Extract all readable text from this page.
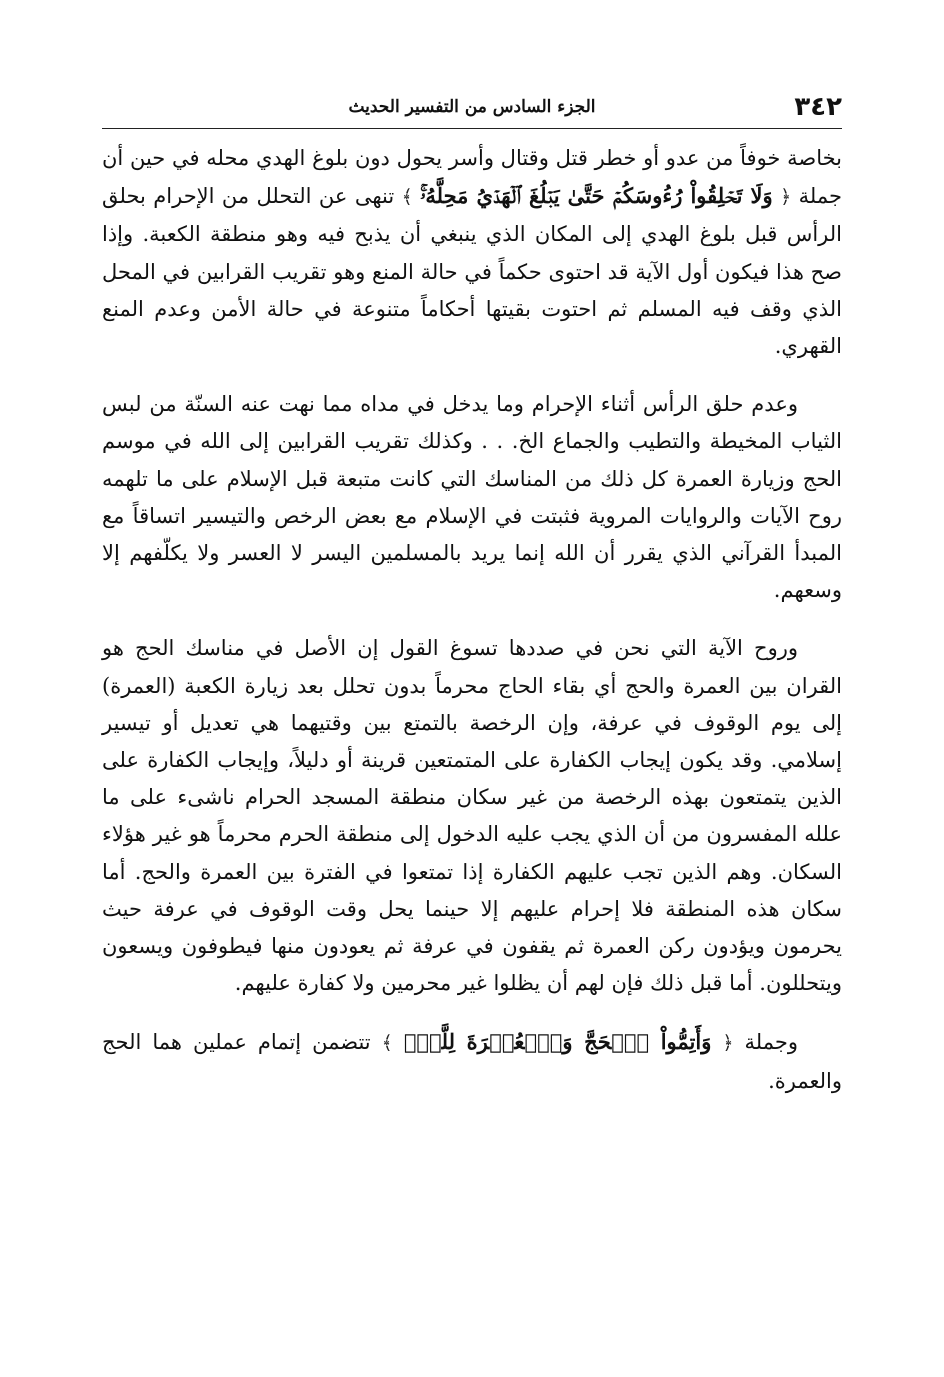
٣٤٢
الجزء السادس من التفسير الحديث

بخاصة خوفاً من عدو أو خطر قتل وقتال وأسر يحول دون بلوغ الهدي محله في حين أن جملة ﴿ وَلَا تَحۡلِقُواْ رُءُوسَكُمۡ حَتَّىٰ يَبۡلُغَ ٱلۡهَدۡيُ مَحِلَّهُۥۚ ﴾ تنهى عن التحلل من الإحرام بحلق الرأس قبل بلوغ الهدي إلى المكان الذي ينبغي أن يذبح فيه وهو منطقة الكعبة. وإذا صح هذا فيكون أول الآية قد احتوى حكماً في حالة المنع وهو تقريب القرابين في المحل الذي وقف فيه المسلم ثم احتوت بقيتها أحكاماً متنوعة في حالة الأمن وعدم المنع القهري.

وعدم حلق الرأس أثناء الإحرام وما يدخل في مداه مما نهت عنه السنّة من لبس الثياب المخيطة والتطيب والجماع الخ. . . وكذلك تقريب القرابين إلى الله في موسم الحج وزيارة العمرة كل ذلك من المناسك التي كانت متبعة قبل الإسلام على ما تلهمه روح الآيات والروايات المروية فثبتت في الإسلام مع بعض الرخص والتيسير اتساقاً مع المبدأ القرآني الذي يقرر أن الله إنما يريد بالمسلمين اليسر لا العسر ولا يكلّفهم إلا وسعهم.

وروح الآية التي نحن في صددها تسوغ القول إن الأصل في مناسك الحج هو القران بين العمرة والحج أي بقاء الحاج محرماً بدون تحلل بعد زيارة الكعبة (العمرة) إلى يوم الوقوف في عرفة، وإن الرخصة بالتمتع بين وقتيهما هي تعديل أو تيسير إسلامي. وقد يكون إيجاب الكفارة على المتمتعين قرينة أو دليلاً، وإيجاب الكفارة على الذين يتمتعون بهذه الرخصة من غير سكان منطقة المسجد الحرام ناشىء على ما علله المفسرون من أن الذي يجب عليه الدخول إلى منطقة الحرم محرماً هو غير هؤلاء السكان. وهم الذين تجب عليهم الكفارة إذا تمتعوا في الفترة بين العمرة والحج. أما سكان هذه المنطقة فلا إحرام عليهم إلا حينما يحل وقت الوقوف في عرفة حيث يحرمون ويؤدون ركن العمرة ثم يقفون في عرفة ثم يعودون منها فيطوفون ويسعون ويتحللون. أما قبل ذلك فإن لهم أن يظلوا غير محرمين ولا كفارة عليهم.

وجملة ﴿ وَأَتِمُّواْ ٱلۡحَجَّ وَٱلۡعُمۡرَةَ لِلَّهِۚ ﴾ تتضمن إتمام عملين هما الحج والعمرة.
